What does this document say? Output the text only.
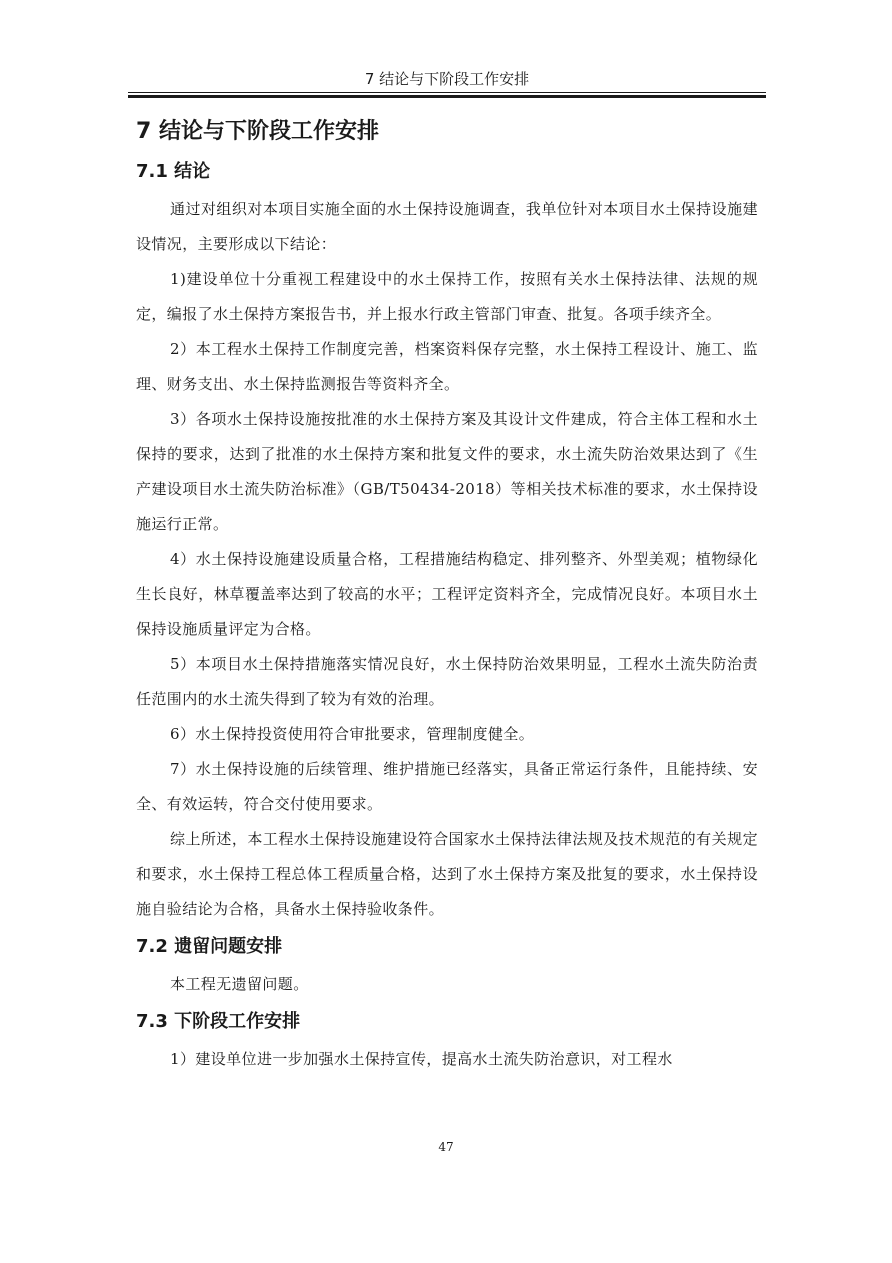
7 结论与下阶段工作安排
7 结论与下阶段工作安排
7.1 结论

通过对组织对本项目实施全面的水土保持设施调查，我单位针对本项目水土保持设施建设情况，主要形成以下结论：

1)建设单位十分重视工程建设中的水土保持工作，按照有关水土保持法律、法规的规定，编报了水土保持方案报告书，并上报水行政主管部门审查、批复。各项手续齐全。

2）本工程水土保持工作制度完善，档案资料保存完整，水土保持工程设计、施工、监理、财务支出、水土保持监测报告等资料齐全。

3）各项水土保持设施按批准的水土保持方案及其设计文件建成，符合主体工程和水土保持的要求，达到了批准的水土保持方案和批复文件的要求，水土流失防治效果达到了《生产建设项目水土流失防治标准》（GB/T50434-2018）等相关技术标准的要求，水土保持设施运行正常。

4）水土保持设施建设质量合格，工程措施结构稳定、排列整齐、外型美观；植物绿化生长良好，林草覆盖率达到了较高的水平；工程评定资料齐全，完成情况良好。本项目水土保持设施质量评定为合格。

5）本项目水土保持措施落实情况良好，水土保持防治效果明显，工程水土流失防治责任范围内的水土流失得到了较为有效的治理。

6）水土保持投资使用符合审批要求，管理制度健全。

7）水土保持设施的后续管理、维护措施已经落实，具备正常运行条件，且能持续、安全、有效运转，符合交付使用要求。

综上所述，本工程水土保持设施建设符合国家水土保持法律法规及技术规范的有关规定和要求，水土保持工程总体工程质量合格，达到了水土保持方案及批复的要求，水土保持设施自验结论为合格，具备水土保持验收条件。

7.2 遗留问题安排

本工程无遗留问题。

7.3 下阶段工作安排

1）建设单位进一步加强水土保持宣传，提高水土流失防治意识，对工程水

47
